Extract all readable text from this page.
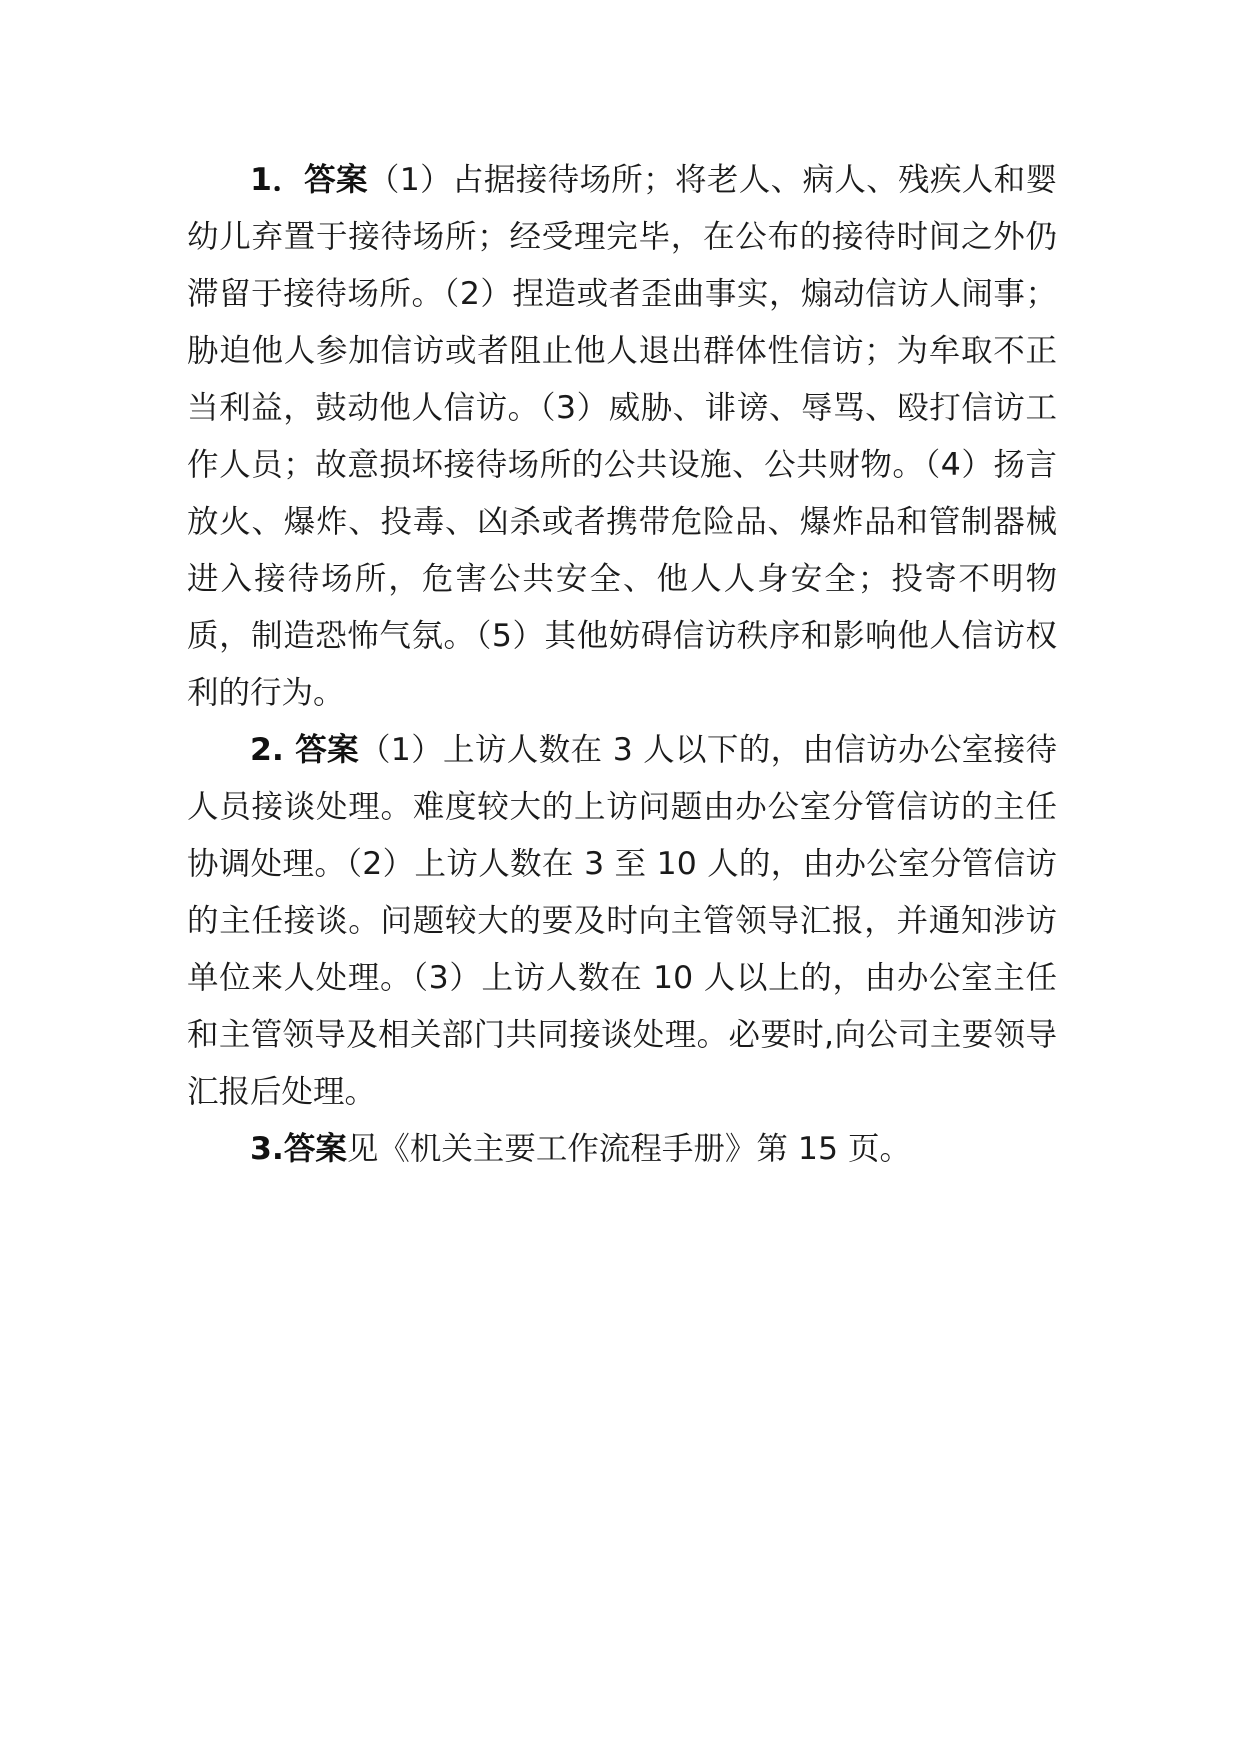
1．答案（1）占据接待场所；将老人、病人、残疾人和婴幼儿弃置于接待场所；经受理完毕，在公布的接待时间之外仍滞留于接待场所。（2）捏造或者歪曲事实，煽动信访人闹事；胁迫他人参加信访或者阻止他人退出群体性信访；为牟取不正当利益，鼓动他人信访。（3）威胁、诽谤、辱骂、殴打信访工作人员；故意损坏接待场所的公共设施、公共财物。（4）扬言放火、爆炸、投毒、凶杀或者携带危险品、爆炸品和管制器械进入接待场所，危害公共安全、他人人身安全；投寄不明物质，制造恐怖气氛。（5）其他妨碍信访秩序和影响他人信访权利的行为。

2. 答案（1）上访人数在 3 人以下的，由信访办公室接待人员接谈处理。难度较大的上访问题由办公室分管信访的主任协调处理。（2）上访人数在 3 至 10 人的，由办公室分管信访的主任接谈。问题较大的要及时向主管领导汇报，并通知涉访单位来人处理。（3）上访人数在 10 人以上的，由办公室主任和主管领导及相关部门共同接谈处理。必要时,向公司主要领导汇报后处理。

3.答案见《机关主要工作流程手册》第 15 页。
